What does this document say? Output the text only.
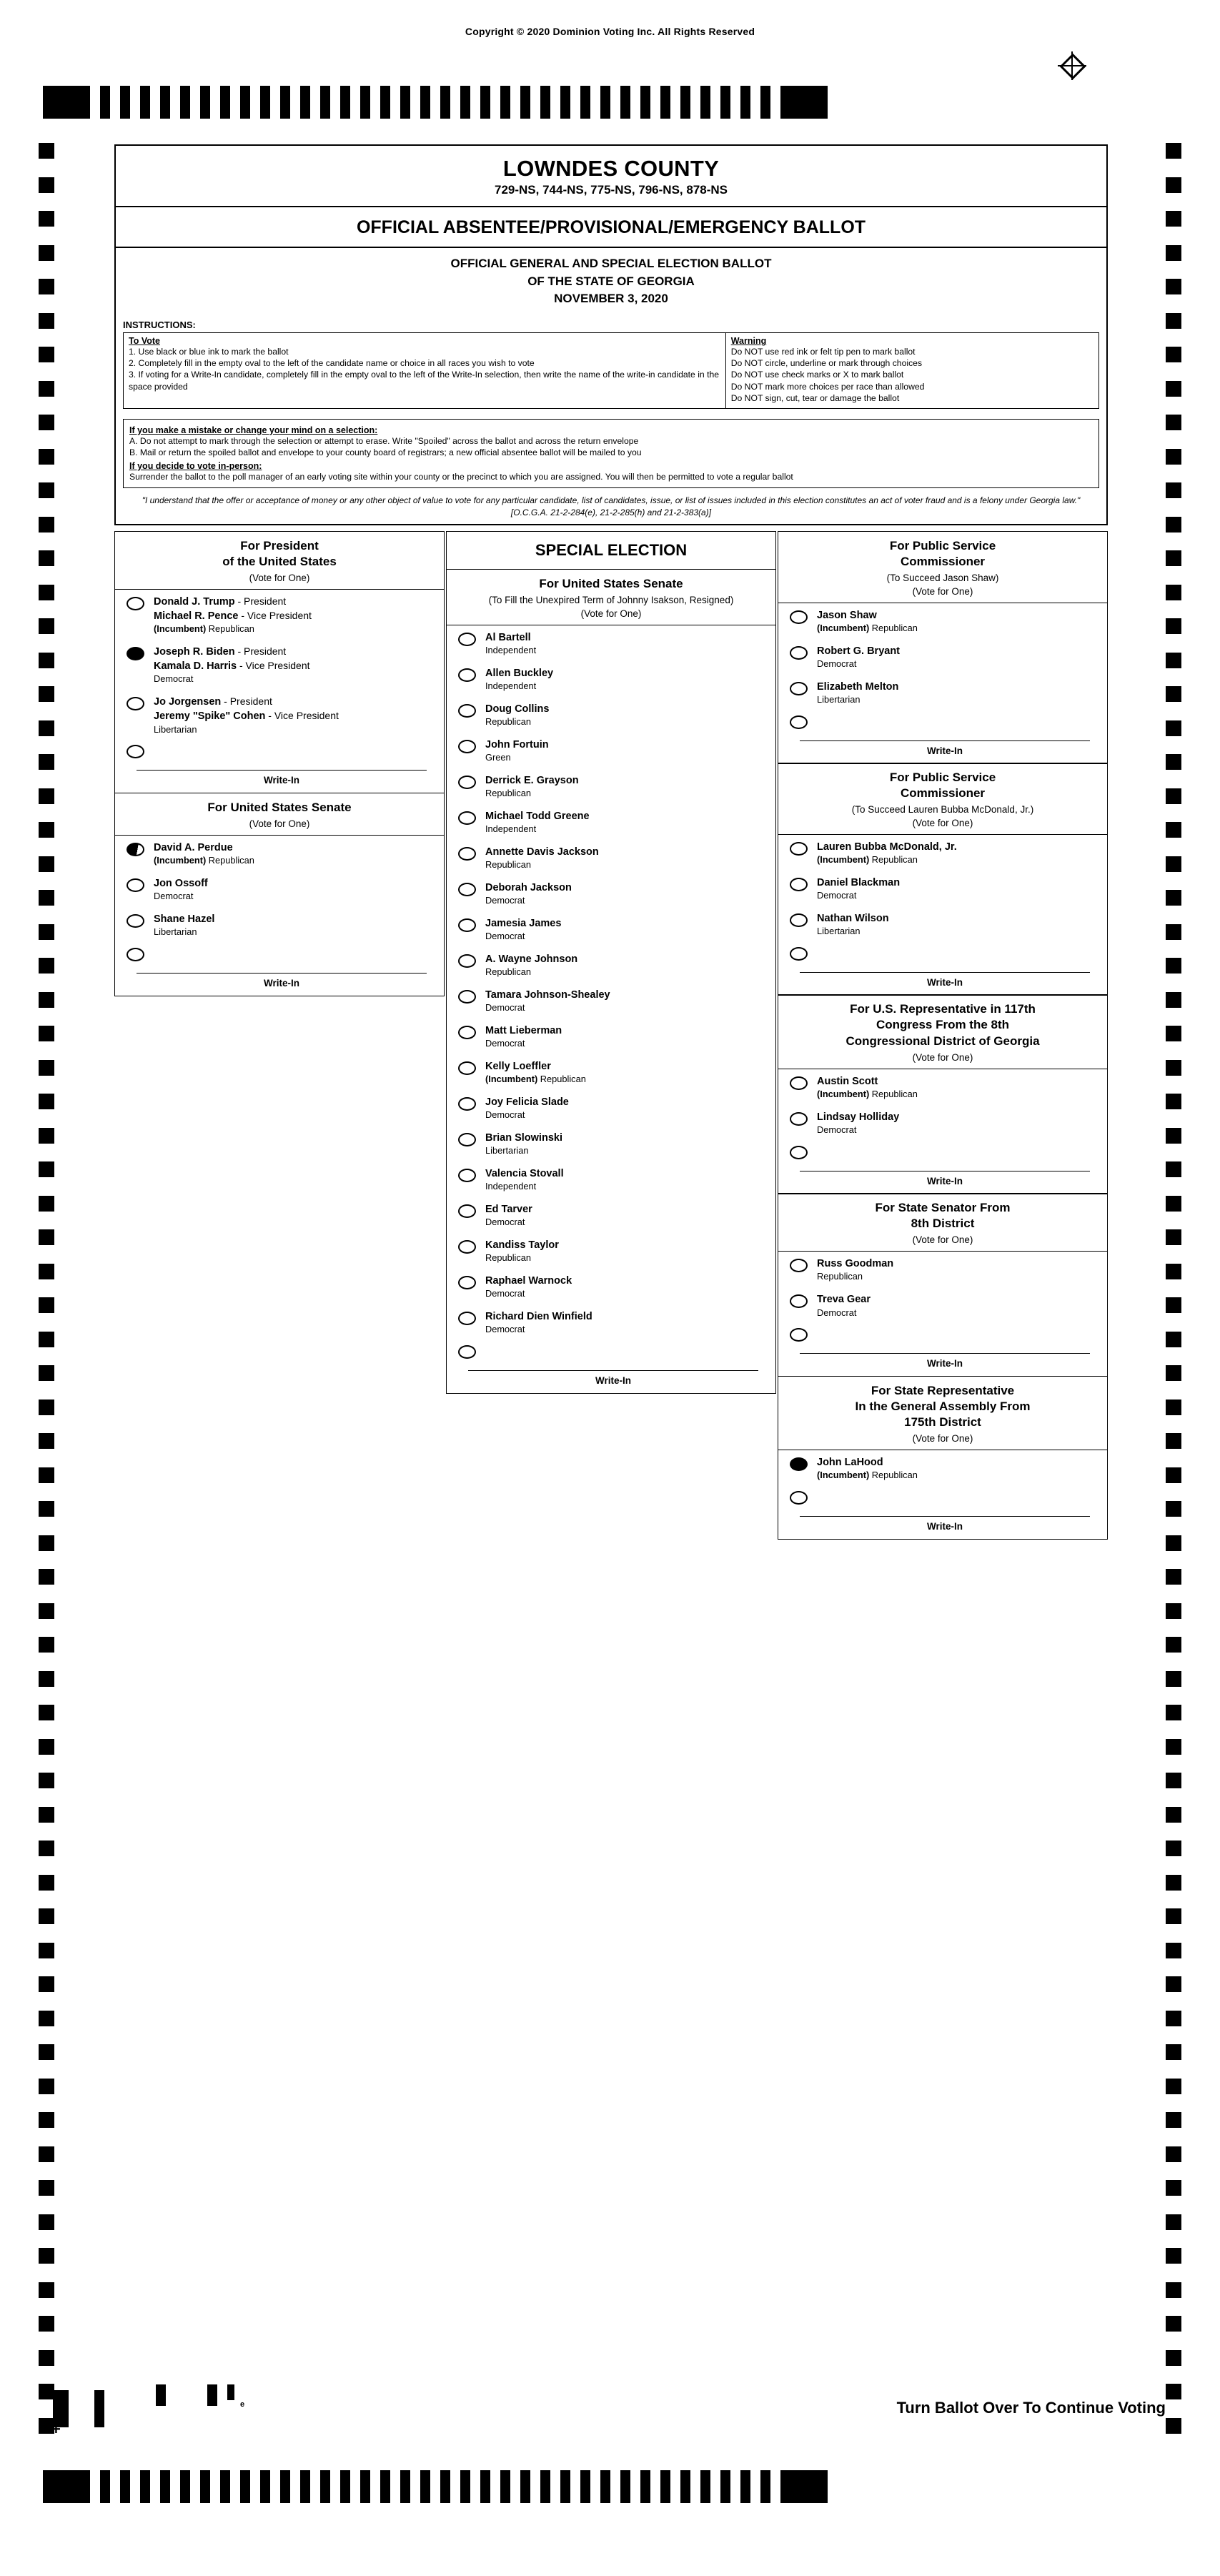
Copyright © 2020 Dominion Voting Inc. All Rights Reserved
LOWNDES COUNTY
729-NS, 744-NS, 775-NS, 796-NS, 878-NS
OFFICIAL ABSENTEE/PROVISIONAL/EMERGENCY BALLOT
OFFICIAL GENERAL AND SPECIAL ELECTION BALLOT
OF THE STATE OF GEORGIA
NOVEMBER 3, 2020
INSTRUCTIONS:
To Vote
1. Use black or blue ink to mark the ballot
2. Completely fill in the empty oval to the left of the candidate name or choice in all races you wish to vote
3. If voting for a Write-In candidate, completely fill in the empty oval to the left of the Write-In selection, then write the name of the write-in candidate in the space provided
Warning
Do NOT use red ink or felt tip pen to mark ballot
Do NOT circle, underline or mark through choices
Do NOT use check marks or X to mark ballot
Do NOT mark more choices per race than allowed
Do NOT sign, cut, tear or damage the ballot
If you make a mistake or change your mind on a selection:
A. Do not attempt to mark through the selection or attempt to erase. Write "Spoiled" across the ballot and across the return envelope
B. Mail or return the spoiled ballot and envelope to your county board of registrars; a new official absentee ballot will be mailed to you
If you decide to vote in-person:
Surrender the ballot to the poll manager of an early voting site within your county or the precinct to which you are assigned. You will then be permitted to vote a regular ballot
"I understand that the offer or acceptance of money or any other object of value to vote for any particular candidate, list of candidates, issue, or list of issues included in this election constitutes an act of voter fraud and is a felony under Georgia law." [O.C.G.A. 21-2-284(e), 21-2-285(h) and 21-2-383(a)]
For President
of the United States
(Vote for One)
Donald J. Trump - President
Michael R. Pence - Vice President
(Incumbent) Republican
Joseph R. Biden - President
Kamala D. Harris - Vice President
Democrat
Jo Jorgensen - President
Jeremy "Spike" Cohen - Vice President
Libertarian
Write-In
For United States Senate
(Vote for One)
David A. Perdue
(Incumbent) Republican
Jon Ossoff
Democrat
Shane Hazel
Libertarian
Write-In
SPECIAL ELECTION
For United States Senate
(To Fill the Unexpired Term of Johnny Isakson, Resigned)
(Vote for One)
Al Bartell
Independent
Allen Buckley
Independent
Doug Collins
Republican
John Fortuin
Green
Derrick E. Grayson
Republican
Michael Todd Greene
Independent
Annette Davis Jackson
Republican
Deborah Jackson
Democrat
Jamesia James
Democrat
A. Wayne Johnson
Republican
Tamara Johnson-Shealey
Democrat
Matt Lieberman
Democrat
Kelly Loeffler
(Incumbent) Republican
Joy Felicia Slade
Democrat
Brian Slowinski
Libertarian
Valencia Stovall
Independent
Ed Tarver
Democrat
Kandiss Taylor
Republican
Raphael Warnock
Democrat
Richard Dien Winfield
Democrat
Write-In
For Public Service
Commissioner
(To Succeed Jason Shaw)
(Vote for One)
Jason Shaw
(Incumbent) Republican
Robert G. Bryant
Democrat
Elizabeth Melton
Libertarian
Write-In
For Public Service
Commissioner
(To Succeed Lauren Bubba McDonald, Jr.)
(Vote for One)
Lauren Bubba McDonald, Jr.
(Incumbent) Republican
Daniel Blackman
Democrat
Nathan Wilson
Libertarian
Write-In
For U.S. Representative in 117th
Congress From the 8th
Congressional District of Georgia
(Vote for One)
Austin Scott
(Incumbent) Republican
Lindsay Holliday
Democrat
Write-In
For State Senator From
8th District
(Vote for One)
Russ Goodman
Republican
Treva Gear
Democrat
Write-In
For State Representative
In the General Assembly From
175th District
(Vote for One)
John LaHood
(Incumbent) Republican
Write-In
e
+
Turn Ballot Over To Continue Voting
